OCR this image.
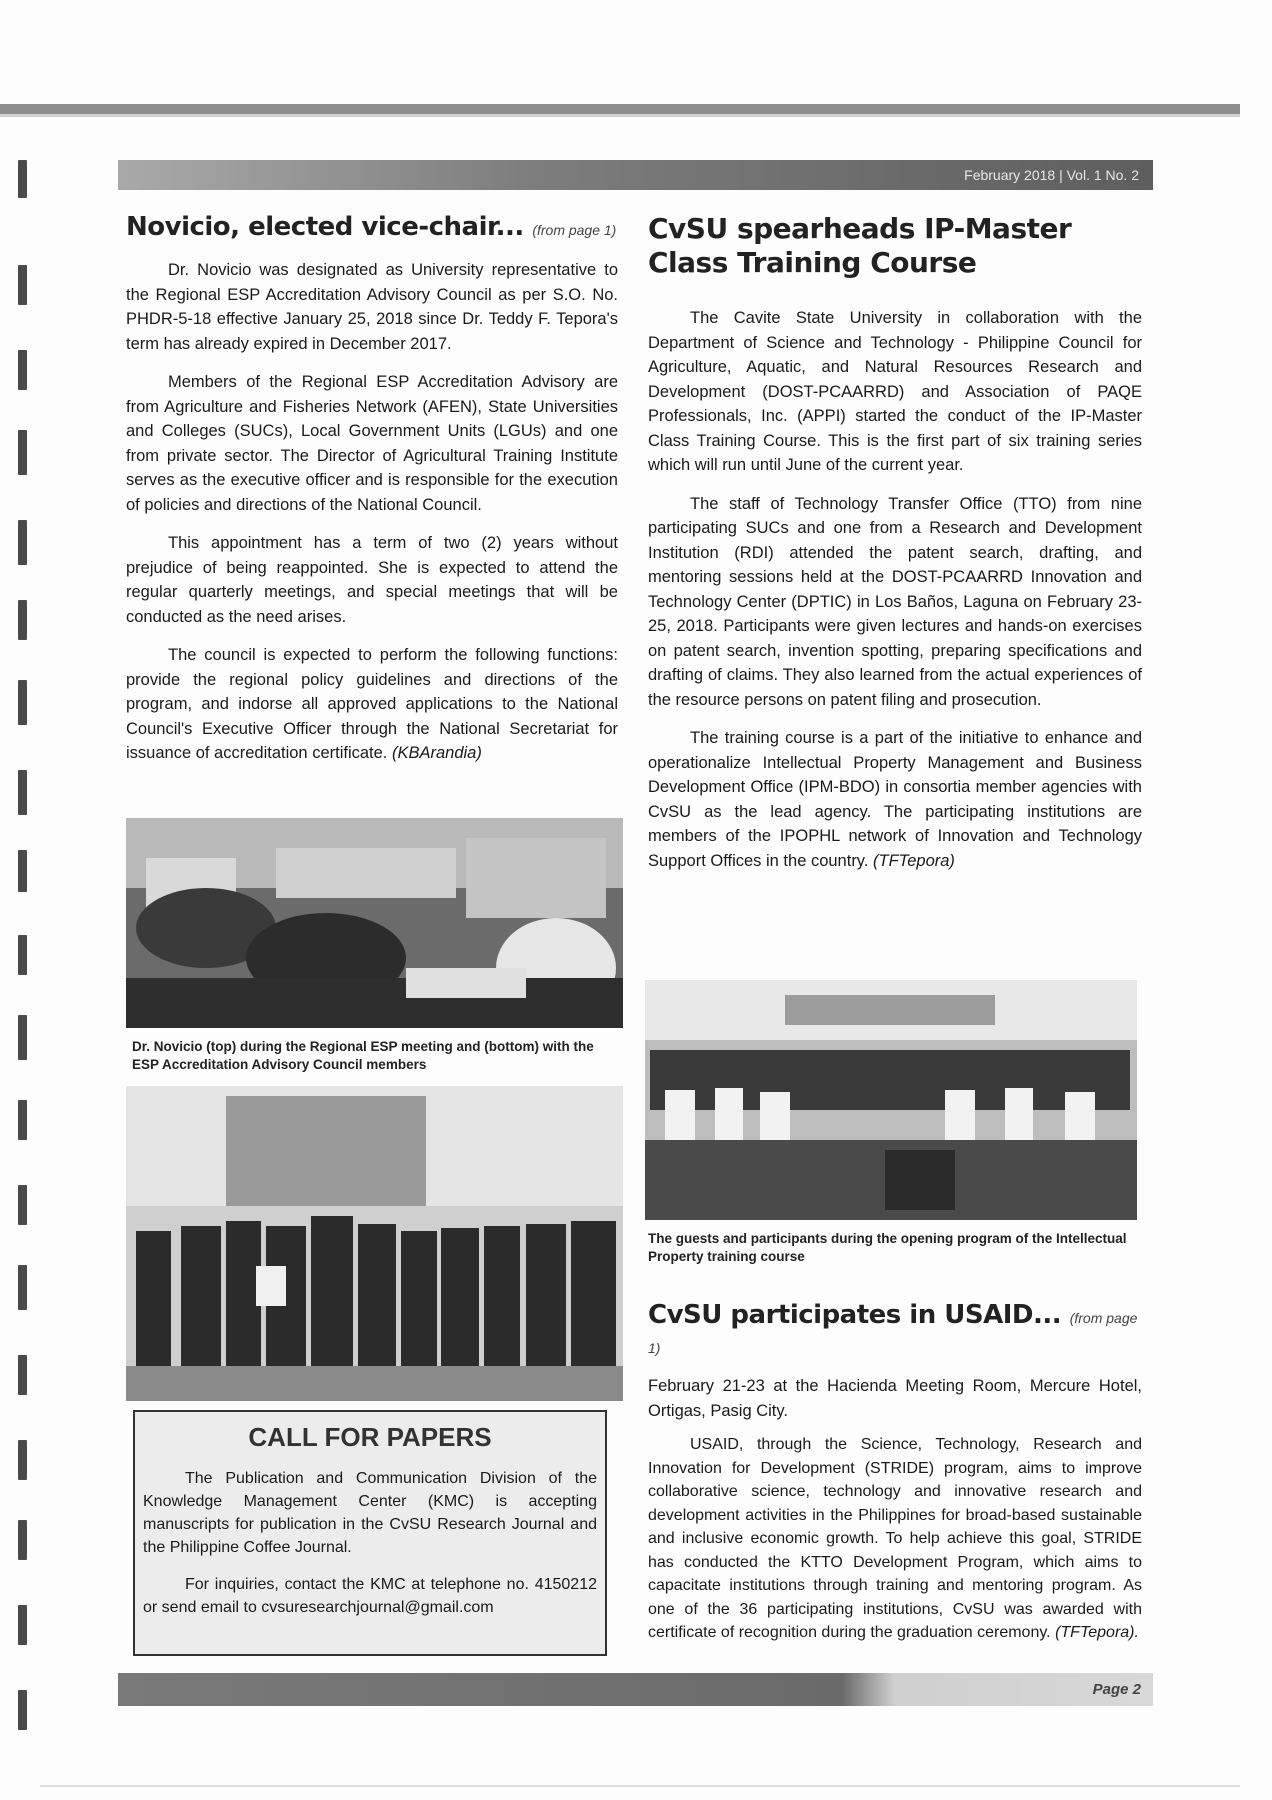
February 2018 | Vol. 1 No. 2
Novicio, elected vice-chair... (from page 1)

Dr. Novicio was designated as University representative to the Regional ESP Accreditation Advisory Council as per S.O. No. PHDR-5-18 effective January 25, 2018 since Dr. Teddy F. Tepora's term has already expired in December 2017.

Members of the Regional ESP Accreditation Advisory are from Agriculture and Fisheries Network (AFEN), State Universities and Colleges (SUCs), Local Government Units (LGUs) and one from private sector. The Director of Agricultural Training Institute serves as the executive officer and is responsible for the execution of policies and directions of the National Council.

This appointment has a term of two (2) years without prejudice of being reappointed. She is expected to attend the regular quarterly meetings, and special meetings that will be conducted as the need arises.

The council is expected to perform the following functions: provide the regional policy guidelines and directions of the program, and indorse all approved applications to the National Council's Executive Officer through the National Secretariat for issuance of accreditation certificate. (KBArandia)

Dr. Novicio (top) during the Regional ESP meeting and (bottom) with the ESP Accreditation Advisory Council members
CALL FOR PAPERS

The Publication and Communication Division of the Knowledge Management Center (KMC) is accepting manuscripts for publication in the CvSU Research Journal and the Philippine Coffee Journal.

For inquiries, contact the KMC at telephone no. 4150212 or send email to cvsuresearchjournal@gmail.com

CvSU spearheads IP-Master Class Training Course

The Cavite State University in collaboration with the Department of Science and Technology - Philippine Council for Agriculture, Aquatic, and Natural Resources Research and Development (DOST-PCAARRD) and Association of PAQE Professionals, Inc. (APPI) started the conduct of the IP-Master Class Training Course. This is the first part of six training series which will run until June of the current year.

The staff of Technology Transfer Office (TTO) from nine participating SUCs and one from a Research and Development Institution (RDI) attended the patent search, drafting, and mentoring sessions held at the DOST-PCAARRD Innovation and Technology Center (DPTIC) in Los Baños, Laguna on February 23-25, 2018. Participants were given lectures and hands-on exercises on patent search, invention spotting, preparing specifications and drafting of claims. They also learned from the actual experiences of the resource persons on patent filing and prosecution.

The training course is a part of the initiative to enhance and operationalize Intellectual Property Management and Business Development Office (IPM-BDO) in consortia member agencies with CvSU as the lead agency. The participating institutions are members of the IPOPHL network of Innovation and Technology Support Offices in the country. (TFTepora)

The guests and participants during the opening program of the Intellectual Property training course
CvSU participates in USAID... (from page 1)

February 21-23 at the Hacienda Meeting Room, Mercure Hotel, Ortigas, Pasig City.

USAID, through the Science, Technology, Research and Innovation for Development (STRIDE) program, aims to improve collaborative science, technology and innovative research and development activities in the Philippines for broad-based sustainable and inclusive economic growth. To help achieve this goal, STRIDE has conducted the KTTO Development Program, which aims to capacitate institutions through training and mentoring program. As one of the 36 participating institutions, CvSU was awarded with certificate of recognition during the graduation ceremony. (TFTepora).

Page 2
